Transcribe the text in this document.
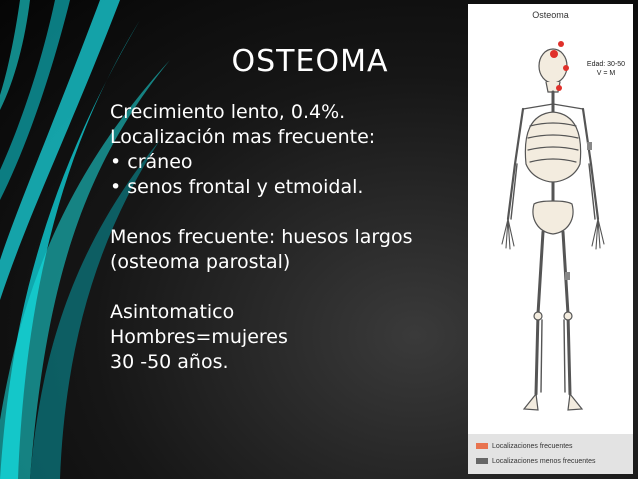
OSTEOMA
Crecimiento lento, 0.4%.
Localización mas frecuente:
• cráneo
• senos frontal y etmoidal.
Menos frecuente: huesos largos
(osteoma parostal)
Asintomatico
Hombres=mujeres
30 -50 años.
Osteoma
Edad: 30-50
V = M
Localizaciones frecuentes
Localizaciones menos frecuentes
